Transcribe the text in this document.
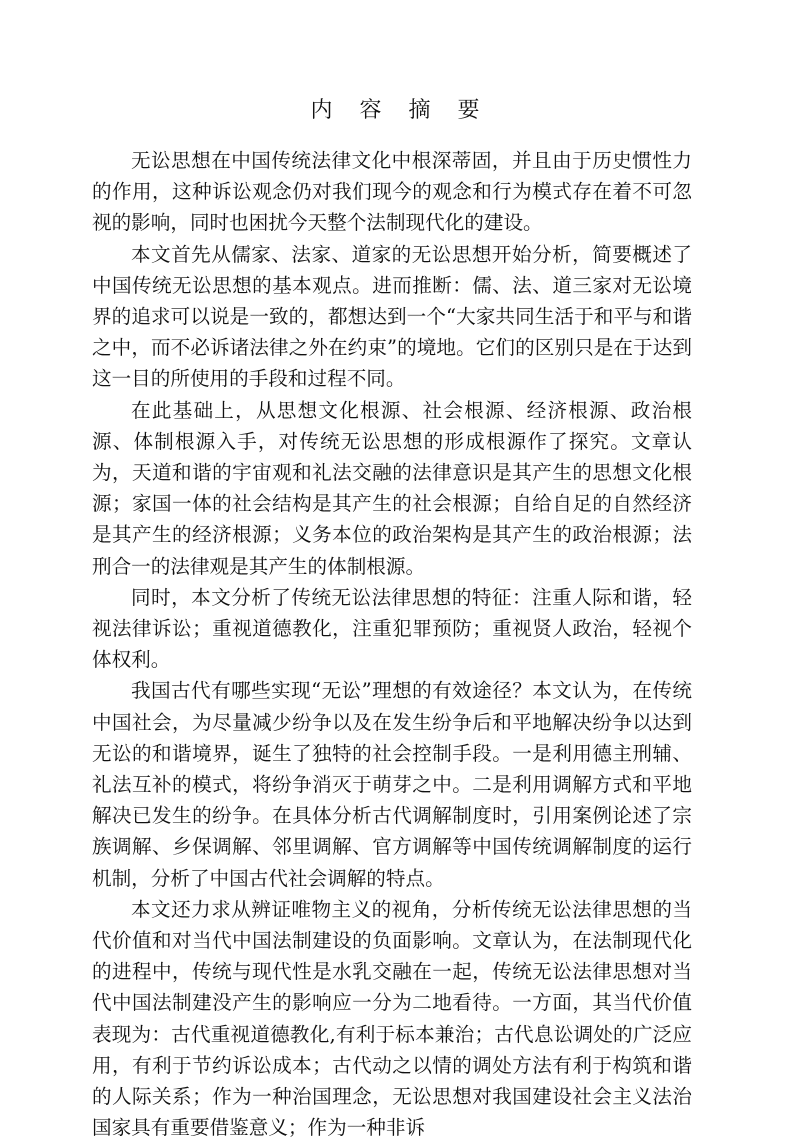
内 容 摘 要

无讼思想在中国传统法律文化中根深蒂固，并且由于历史惯性力的作用，这种诉讼观念仍对我们现今的观念和行为模式存在着不可忽视的影响，同时也困扰今天整个法制现代化的建设。

本文首先从儒家、法家、道家的无讼思想开始分析，简要概述了中国传统无讼思想的基本观点。进而推断：儒、法、道三家对无讼境界的追求可以说是一致的，都想达到一个“大家共同生活于和平与和谐之中，而不必诉诸法律之外在约束”的境地。它们的区别只是在于达到这一目的所使用的手段和过程不同。

在此基础上，从思想文化根源、社会根源、经济根源、政治根源、体制根源入手，对传统无讼思想的形成根源作了探究。文章认为，天道和谐的宇宙观和礼法交融的法律意识是其产生的思想文化根源；家国一体的社会结构是其产生的社会根源；自给自足的自然经济是其产生的经济根源；义务本位的政治架构是其产生的政治根源；法刑合一的法律观是其产生的体制根源。

同时，本文分析了传统无讼法律思想的特征：注重人际和谐，轻视法律诉讼；重视道德教化，注重犯罪预防；重视贤人政治，轻视个体权利。

我国古代有哪些实现“无讼”理想的有效途径？本文认为，在传统中国社会，为尽量减少纷争以及在发生纷争后和平地解决纷争以达到无讼的和谐境界，诞生了独特的社会控制手段。一是利用德主刑辅、礼法互补的模式，将纷争消灭于萌芽之中。二是利用调解方式和平地解决已发生的纷争。在具体分析古代调解制度时，引用案例论述了宗族调解、乡保调解、邻里调解、官方调解等中国传统调解制度的运行机制，分析了中国古代社会调解的特点。

本文还力求从辨证唯物主义的视角，分析传统无讼法律思想的当代价值和对当代中国法制建设的负面影响。文章认为，在法制现代化的进程中，传统与现代性是水乳交融在一起，传统无讼法律思想对当代中国法制建没产生的影响应一分为二地看待。一方面，其当代价值表现为：古代重视道德教化,有利于标本兼治；古代息讼调处的广泛应用，有利于节约诉讼成本；古代动之以情的调处方法有利于构筑和谐的人际关系；作为一种治国理念，无讼思想对我国建设社会主义法治国家具有重要借鉴意义；作为一种非诉
